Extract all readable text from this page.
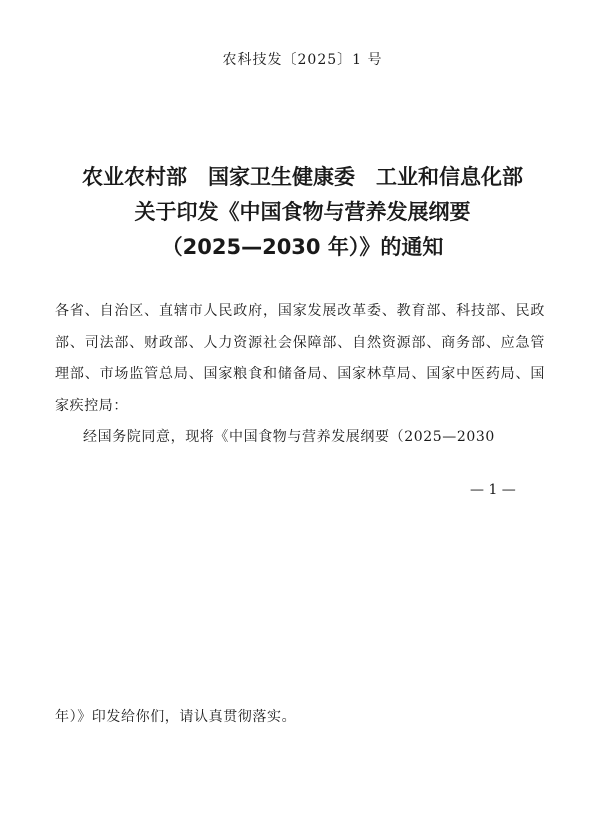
农科技发〔2025〕1 号
农业农村部　国家卫生健康委　工业和信息化部
关于印发《中国食物与营养发展纲要
（2025—2030 年）》的通知

各省、自治区、直辖市人民政府，国家发展改革委、教育部、科技部、民政部、司法部、财政部、人力资源社会保障部、自然资源部、商务部、应急管理部、市场监管总局、国家粮食和储备局、国家林草局、国家中医药局、国家疾控局：

经国务院同意，现将《中国食物与营养发展纲要（2025—2030

— 1 —
年）》印发给你们，请认真贯彻落实。
